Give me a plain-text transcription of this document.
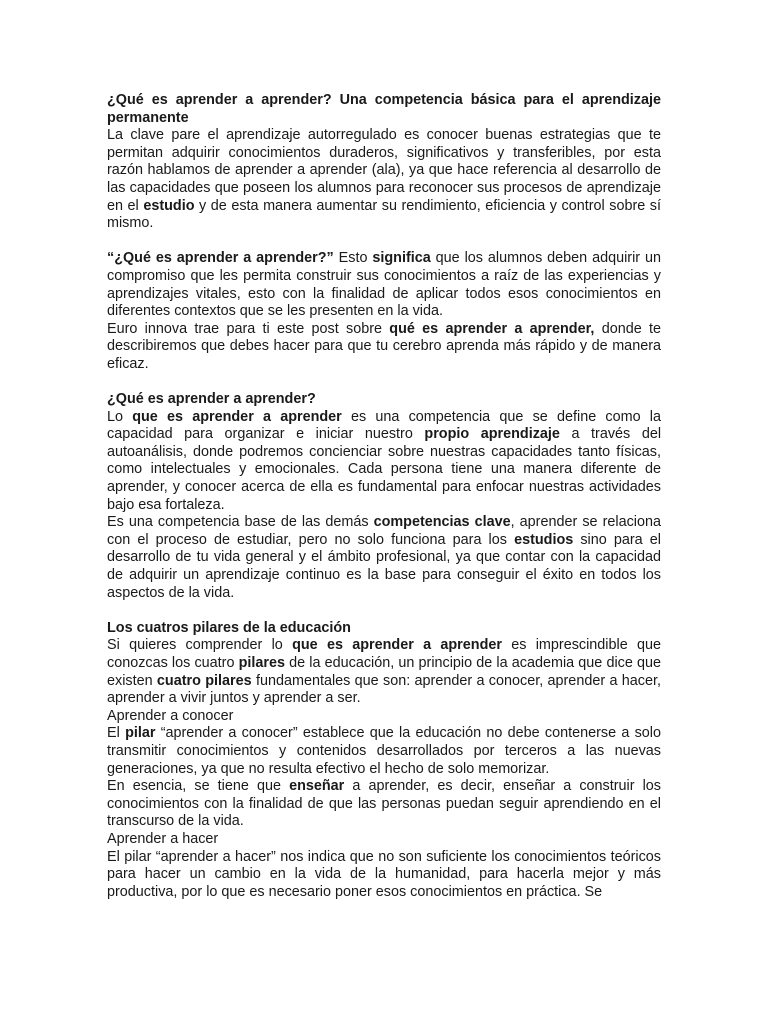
¿Qué es aprender a aprender? Una competencia básica para el aprendizaje permanente

La clave pare el aprendizaje autorregulado es conocer buenas estrategias que te permitan adquirir conocimientos duraderos, significativos y transferibles, por esta razón hablamos de aprender a aprender (ala), ya que hace referencia al desarrollo de las capacidades que poseen los alumnos para reconocer sus procesos de aprendizaje en el estudio y de esta manera aumentar su rendimiento, eficiencia y control sobre sí mismo.

“¿Qué es aprender a aprender?” Esto significa que los alumnos deben adquirir un compromiso que les permita construir sus conocimientos a raíz de las experiencias y aprendizajes vitales, esto con la finalidad de aplicar todos esos conocimientos en diferentes contextos que se les presenten en la vida.

Euro innova trae para ti este post sobre qué es aprender a aprender, donde te describiremos que debes hacer para que tu cerebro aprenda más rápido y de manera eficaz.

¿Qué es aprender a aprender?

Lo que es aprender a aprender es una competencia que se define como la capacidad para organizar e iniciar nuestro propio aprendizaje a través del autoanálisis, donde podremos concienciar sobre nuestras capacidades tanto físicas, como intelectuales y emocionales. Cada persona tiene una manera diferente de aprender, y conocer acerca de ella es fundamental para enfocar nuestras actividades bajo esa fortaleza.

Es una competencia base de las demás competencias clave, aprender se relaciona con el proceso de estudiar, pero no solo funciona para los estudios sino para el desarrollo de tu vida general y el ámbito profesional, ya que contar con la capacidad de adquirir un aprendizaje continuo es la base para conseguir el éxito en todos los aspectos de la vida.

Los cuatros pilares de la educación

Si quieres comprender lo que es aprender a aprender es imprescindible que conozcas los cuatro pilares de la educación, un principio de la academia que dice que existen cuatro pilares fundamentales que son: aprender a conocer, aprender a hacer, aprender a vivir juntos y aprender a ser.

Aprender a conocer

El pilar “aprender a conocer” establece que la educación no debe contenerse a solo transmitir conocimientos y contenidos desarrollados por terceros a las nuevas generaciones, ya que no resulta efectivo el hecho de solo memorizar.

En esencia, se tiene que enseñar a aprender, es decir, enseñar a construir los conocimientos con la finalidad de que las personas puedan seguir aprendiendo en el transcurso de la vida.

Aprender a hacer

El pilar “aprender a hacer” nos indica que no son suficiente los conocimientos teóricos para hacer un cambio en la vida de la humanidad, para hacerla mejor y más productiva, por lo que es necesario poner esos conocimientos en práctica. Se
